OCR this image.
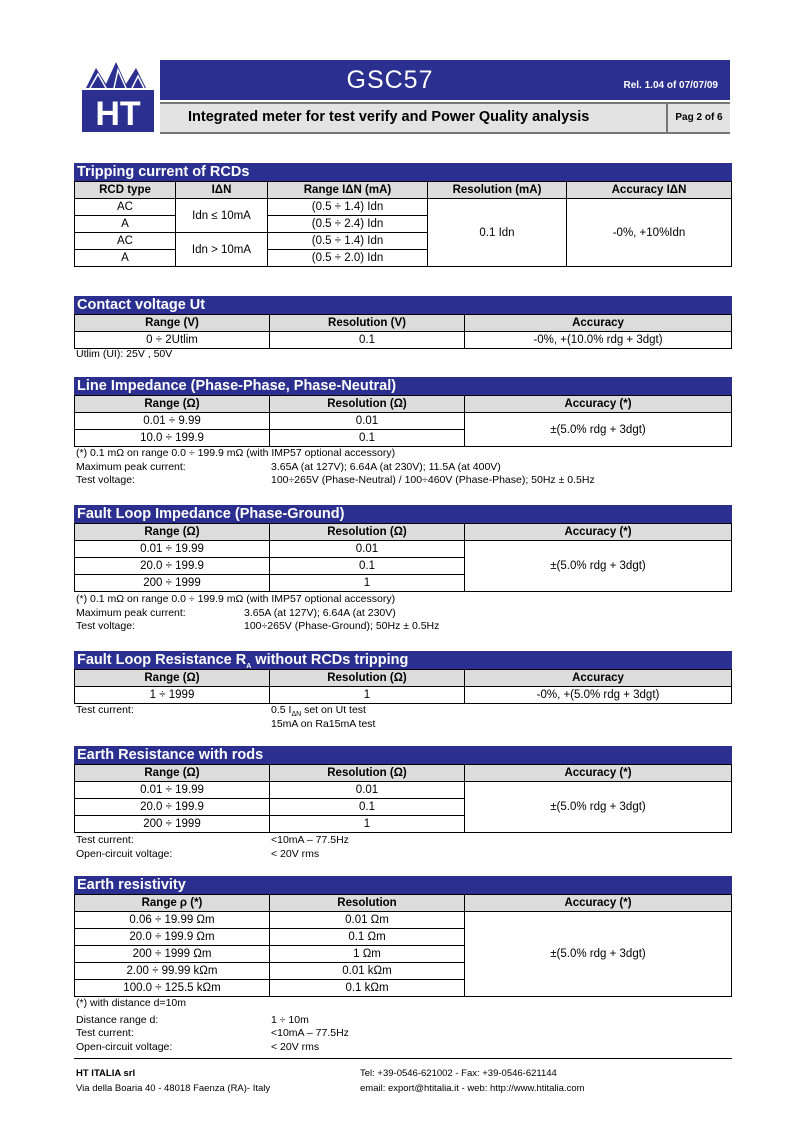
HT
GSC57	Rel. 1.04 of 07/07/09
Integrated meter for test verify and Power Quality analysis	Pag 2 of 6
Tripping current of RCDs
RCD type	IΔN	Range IΔN (mA)	Resolution (mA)	Accuracy IΔN
AC	Idn ≤ 10mA	(0.5 ÷ 1.4) Idn	0.1 Idn	-0%, +10%Idn
A		(0.5 ÷ 2.4) Idn		
AC	Idn > 10mA	(0.5 ÷ 1.4) Idn		
A		(0.5 ÷ 2.0) Idn		
Contact voltage Ut
Range (V)	Resolution (V)	Accuracy
0 ÷ 2Utlim	0.1	-0%, +(10.0% rdg + 3dgt)
Utlim (UI): 25V , 50V
Line Impedance (Phase-Phase, Phase-Neutral)
Range (Ω)	Resolution (Ω)	Accuracy (*)
0.01 ÷ 9.99	0.01	±(5.0% rdg + 3dgt)
10.0 ÷ 199.9	0.1	
(*) 0.1 mΩ on range 0.0 ÷ 199.9 mΩ (with IMP57 optional accessory)
Maximum peak current:	3.65A (at 127V); 6.64A (at 230V); 11.5A (at 400V)
Test voltage:	100÷265V (Phase-Neutral) / 100÷460V (Phase-Phase); 50Hz ± 0.5Hz
Fault Loop Impedance (Phase-Ground)
Range (Ω)	Resolution (Ω)	Accuracy (*)
0.01 ÷ 19.99	0.01	±(5.0% rdg + 3dgt)
20.0 ÷ 199.9	0.1	
200 ÷ 1999	1	
(*) 0.1 mΩ on range 0.0 ÷ 199.9 mΩ (with IMP57 optional accessory)
Maximum peak current:	3.65A (at 127V); 6.64A (at 230V)
Test voltage:	100÷265V (Phase-Ground); 50Hz ± 0.5Hz
Fault Loop Resistance $R_A$ without RCDs tripping
Range (Ω)	Resolution (Ω)	Accuracy
1 ÷ 1999	1	-0%, +(5.0% rdg + 3dgt)
Test current:	0.5 $I_{\Delta N}$ set on Ut test
15mA on Ra15mA test
Earth Resistance with rods
Range (Ω)	Resolution (Ω)	Accuracy (*)
0.01 ÷ 19.99	0.01	±(5.0% rdg + 3dgt)
20.0 ÷ 199.9	0.1	
200 ÷ 1999	1	
Test current:	<10mA – 77.5Hz
Open-circuit voltage:	< 20V rms
Earth resistivity
Range ρ (*)	Resolution	Accuracy (*)
0.06 ÷ 19.99 Ωm	0.01 Ωm	±(5.0% rdg + 3dgt)
20.0 ÷ 199.9 Ωm	0.1 Ωm	
200 ÷ 1999 Ωm	1 Ωm	
2.00 ÷ 99.99 kΩm	0.01 kΩm	
100.0 ÷ 125.5 kΩm	0.1 kΩm	
(*) with distance d=10m
Distance range d:	1 ÷ 10m
Test current:	<10mA – 77.5Hz
Open-circuit voltage:	< 20V rms
HT ITALIA srl
Via della Boaria 40 - 48018 Faenza (RA)- Italy
Tel: +39-0546-621002 - Fax: +39-0546-621144
email: export@htitalia.it - web: http://www.htitalia.com
